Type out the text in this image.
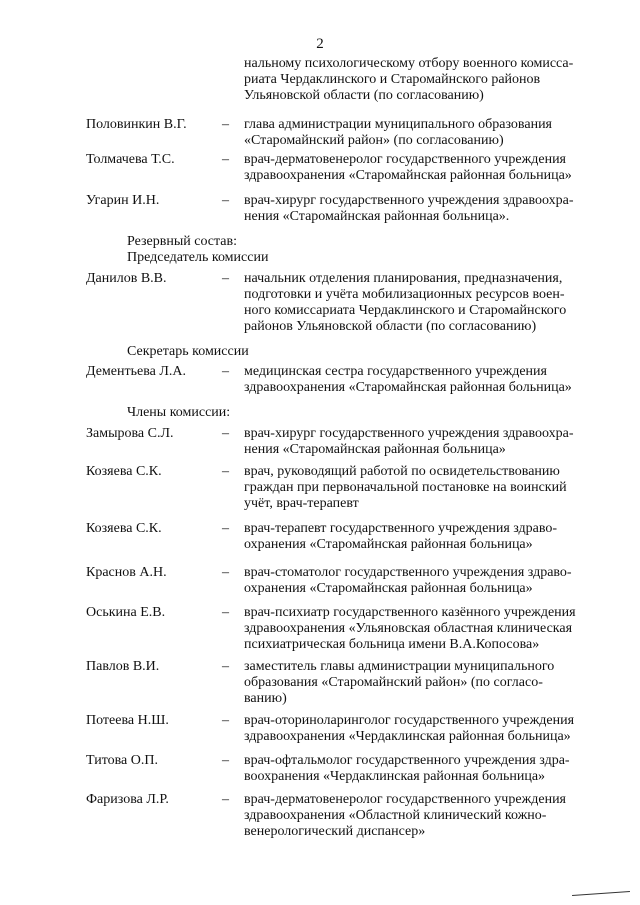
2
нальному психологическому отбору военного комисса-
риата Чердаклинского и Старомайнского районов
Ульяновской области (по согласованию)
Половинкин В.Г.	– глава администрации муниципального образования
«Старомайнский район» (по согласованию)
Толмачева Т.С.	– врач-дерматовенеролог государственного учреждения
здравоохранения «Старомайнская районная больница»
Угарин И.Н.	– врач-хирург государственного учреждения здравоохра-
нения «Старомайнская районная больница».
Резервный состав:
Председатель комиссии
Данилов В.В.	– начальник отделения планирования, предназначения,
подготовки и учёта мобилизационных ресурсов воен-
ного комиссариата Чердаклинского и Старомайнского
районов Ульяновской области (по согласованию)
Секретарь комиссии
Дементьева Л.А.	– медицинская сестра государственного учреждения
здравоохранения «Старомайнская районная больница»
Члены комиссии:
Замырова С.Л.	– врач-хирург государственного учреждения здравоохра-
нения «Старомайнская районная больница»
Козяева С.К.	– врач, руководящий работой по освидетельствованию
граждан при первоначальной постановке на воинский
учёт, врач-терапевт
Козяева С.К.	– врач-терапевт государственного учреждения здраво-
охранения «Старомайнская районная больница»
Краснов А.Н.	– врач-стоматолог государственного учреждения здраво-
охранения «Старомайнская районная больница»
Оськина Е.В.	– врач-психиатр государственного казённого учреждения
здравоохранения «Ульяновская областная клиническая
психиатрическая больница имени В.А.Копосова»
Павлов В.И.	– заместитель главы администрации муниципального
образования «Старомайнский район» (по согласо-
ванию)
Потеева Н.Ш.	– врач-оториноларинголог государственного учреждения
здравоохранения «Чердаклинская районная больница»
Титова О.П.	– врач-офтальмолог государственного учреждения здра-
воохранения «Чердаклинская районная больница»
Фаризова Л.Р.	– врач-дерматовенеролог государственного учреждения
здравоохранения «Областной клинический кожно-
венерологический диспансер»
